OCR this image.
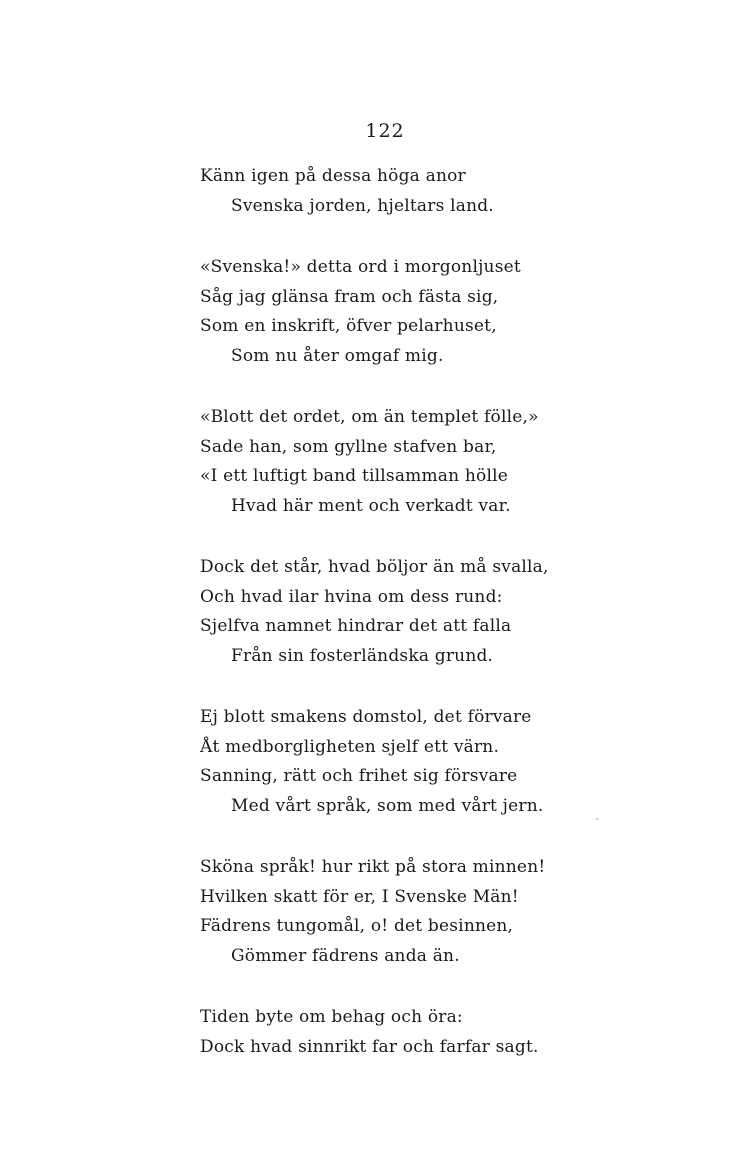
122
Känn igen på dessa höga anor
Svenska jorden, hjeltars land.
«Svenska!» detta ord i morgonljuset
Såg jag glänsa fram och fästa sig,
Som en inskrift, öfver pelarhuset,
Som nu åter omgaf mig.
«Blott det ordet, om än templet fölle,»
Sade han, som gyllne stafven bar,
«I ett luftigt band tillsamman hölle
Hvad här ment och verkadt var.
Dock det står, hvad böljor än må svalla,
Och hvad ilar hvina om dess rund:
Sjelfva namnet hindrar det att falla
Från sin fosterländska grund.
Ej blott smakens domstol, det förvare
Åt medborgligheten sjelf ett värn.
Sanning, rätt och frihet sig försvare
Med vårt språk, som med vårt jern.
Sköna språk! hur rikt på stora minnen!
Hvilken skatt för er, I Svenske Män!
Fädrens tungomål, o! det besinnen,
Gömmer fädrens anda än.
Tiden byte om behag och öra:
Dock hvad sinnrikt far och farfar sagt.
